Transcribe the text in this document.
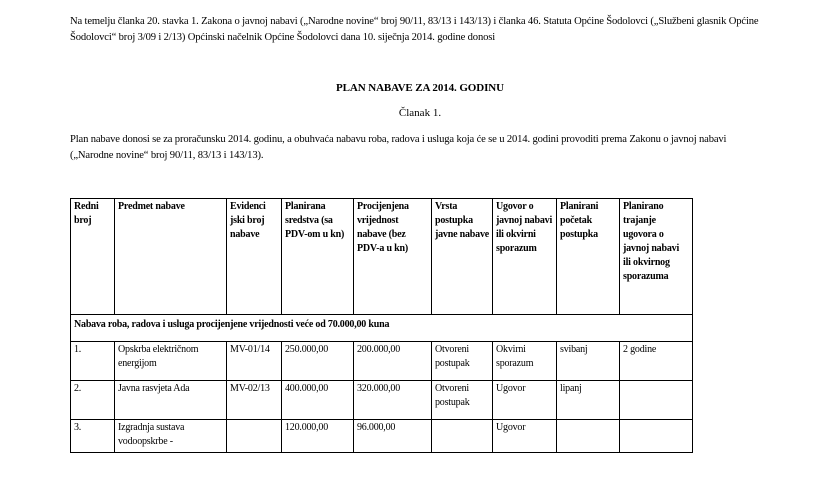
Na temelju članka 20. stavka 1. Zakona o javnoj nabavi („Narodne novine“ broj 90/11, 83/13 i 143/13) i članka 46. Statuta Općine Šodolovci („Službeni glasnik Općine Šodolovci“ broj 3/09 i 2/13) Općinski načelnik Općine Šodolovci dana 10. siječnja 2014. godine donosi
PLAN NABAVE ZA 2014. GODINU
Članak 1.
Plan nabave donosi se za proračunsku 2014. godinu, a obuhvaća nabavu roba, radova i usluga koja će se u 2014. godini provoditi prema Zakonu o javnoj nabavi („Narodne novine“ broj 90/11, 83/13 i 143/13).
Redni broj	Predmet nabave	Evidenci jski broj nabave	Planirana sredstva (sa PDV-om u kn)	Procijenjena vrijednost nabave (bez PDV-a u kn)	Vrsta postupka javne nabave	Ugovor o javnoj nabavi ili okvirni sporazum	Planirani početak postupka	Planirano trajanje ugovora o javnoj nabavi ili okvirnog sporazuma
Nabava roba, radova i usluga procijenjene vrijednosti veće od 70.000,00 kuna								
1.	Opskrba električnom energijom	MV-01/14	250.000,00	200.000,00	Otvoreni postupak	Okvirni sporazum	svibanj	2 godine
2.	Javna rasvjeta Ada	MV-02/13	400.000,00	320.000,00	Otvoreni postupak	Ugovor	lipanj	
3.	Izgradnja sustava vodoopskrbe -		120.000,00	96.000,00		Ugovor		
